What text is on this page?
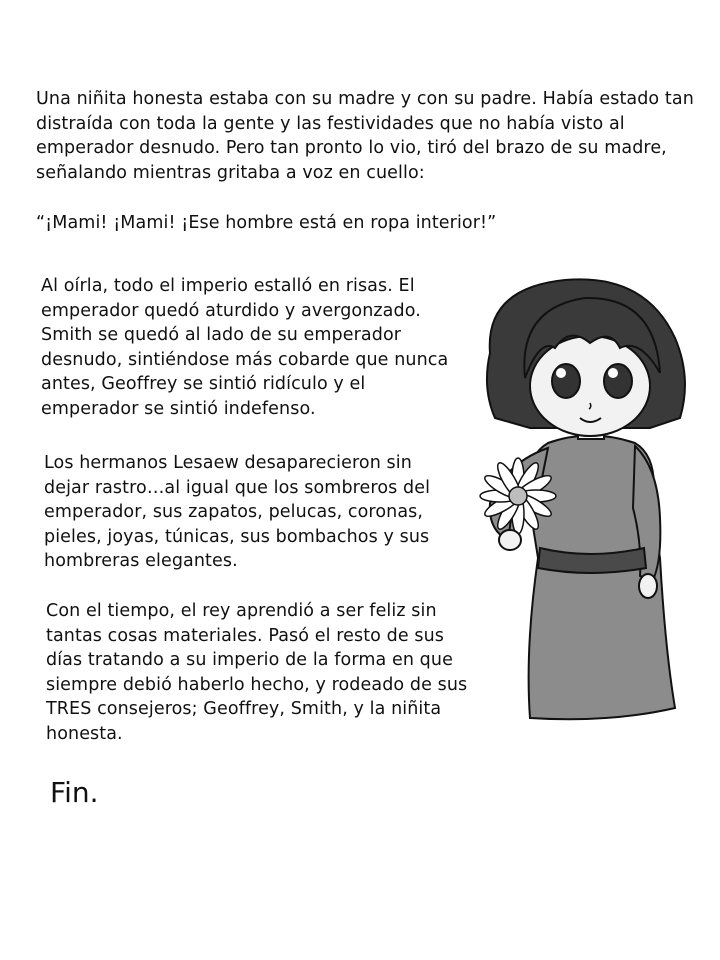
Una niñita honesta estaba con su madre y con su padre. Había estado tan distraída con toda la gente y las festividades que no había visto al emperador desnudo. Pero tan pronto lo vio, tiró del brazo de su madre, señalando mientras gritaba a voz en cuello:

“¡Mami! ¡Mami! ¡Ese hombre está en ropa interior!”

Al oírla, todo el imperio estalló en risas. El emperador quedó aturdido y avergonzado. Smith se quedó al lado de su emperador desnudo, sintiéndose más cobarde que nunca antes, Geoffrey se sintió ridículo y el emperador se sintió indefenso.

Los hermanos Lesaew desaparecieron sin dejar rastro…al igual que los sombreros del emperador, sus zapatos, pelucas, coronas, pieles, joyas, túnicas, sus bombachos y sus hombreras elegantes.

Con el tiempo, el rey aprendió a ser feliz sin tantas cosas materiales. Pasó el resto de sus días tratando a su imperio de la forma en que siempre debió haberlo hecho, y rodeado de sus TRES consejeros; Geoffrey, Smith, y la niñita honesta.

Fin.
